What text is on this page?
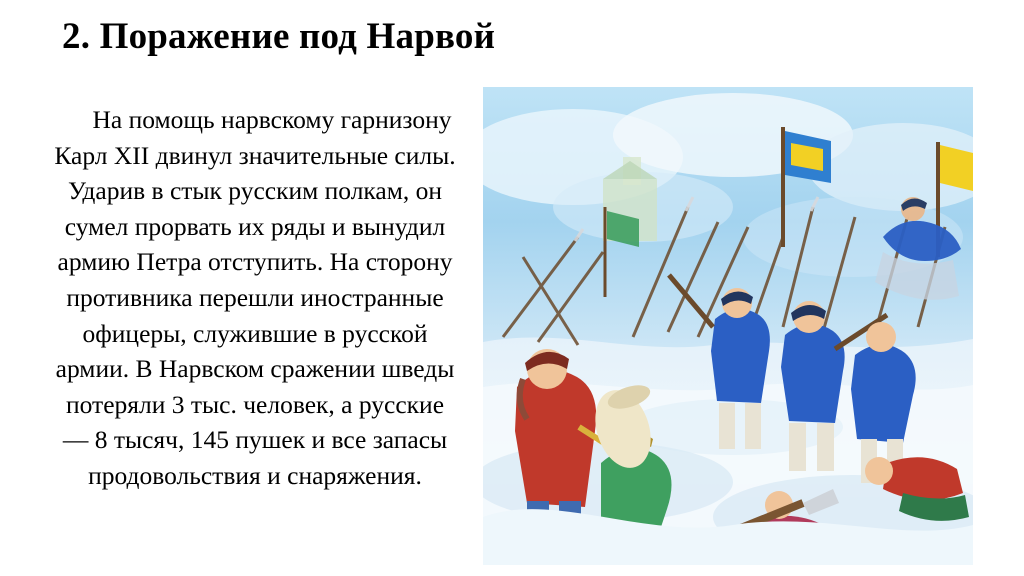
2. Поражение под Нарвой
На помощь нарвскому гарнизону Карл XII двинул значительные силы. Ударив в стык русским полкам, он сумел прорвать их ряды и вынудил армию Петра отступить. На сторону противника перешли иностранные офицеры, служившие в русской армии. В Нарвском сражении шведы потеряли 3 тыс. человек, а русские — 8 тысяч, 145 пушек и все запасы продовольствия и снаряжения.
